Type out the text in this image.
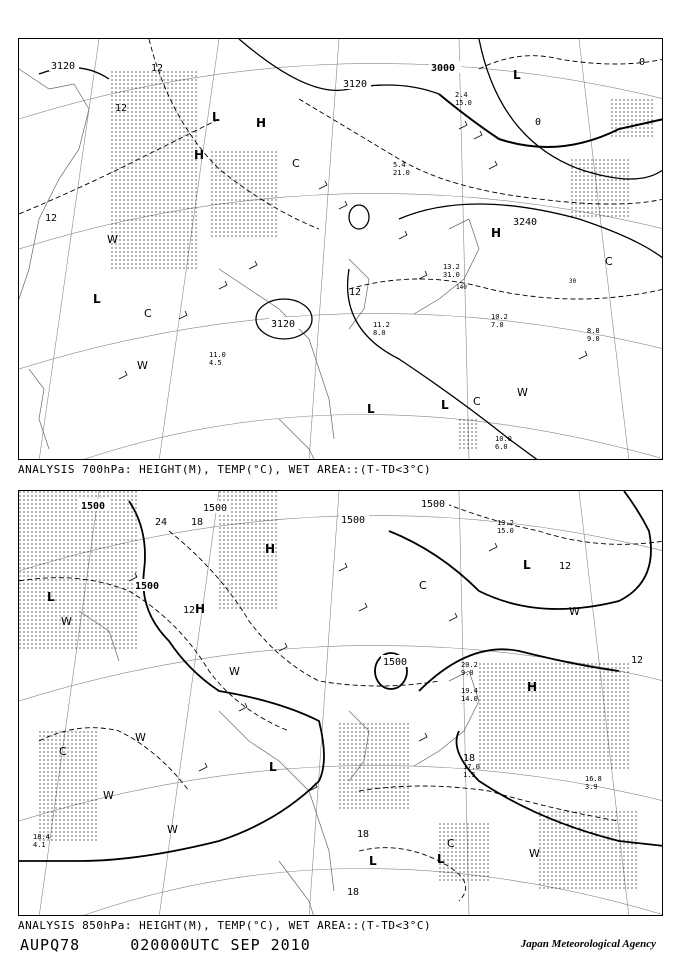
3120
3120
3000
3240
3120
12
12
12
12
0
0
30
140
L
H
H
L
C
W
C
L
W
H
L	L
W
C
C
2.4 15.0
5.4 21.0
10.2 7.0
8.8 9.0
11.0 4.5
10.0 6.0
11.2 8.0
13.2 31.0
ANALYSIS 700hPa: HEIGHT(M), TEMP(°C), WET AREA::(T-TD<3°C)
1500	1500
1500
1500
1500
1500
24 18
12
12
18
18
18
12
L
H
H
L
H
W
W
W
C
L
W
W
C
W
L	L	W
C
16.8 3.9
17.0 1.5
19.4 14.0
18.4 4.1
20.2 9.0
13.2 15.0
ANALYSIS 850hPa: HEIGHT(M), TEMP(°C), WET AREA::(T-TD<3°C)
AUPQ78	020000UTC SEP 2010	Japan Meteorological Agency
